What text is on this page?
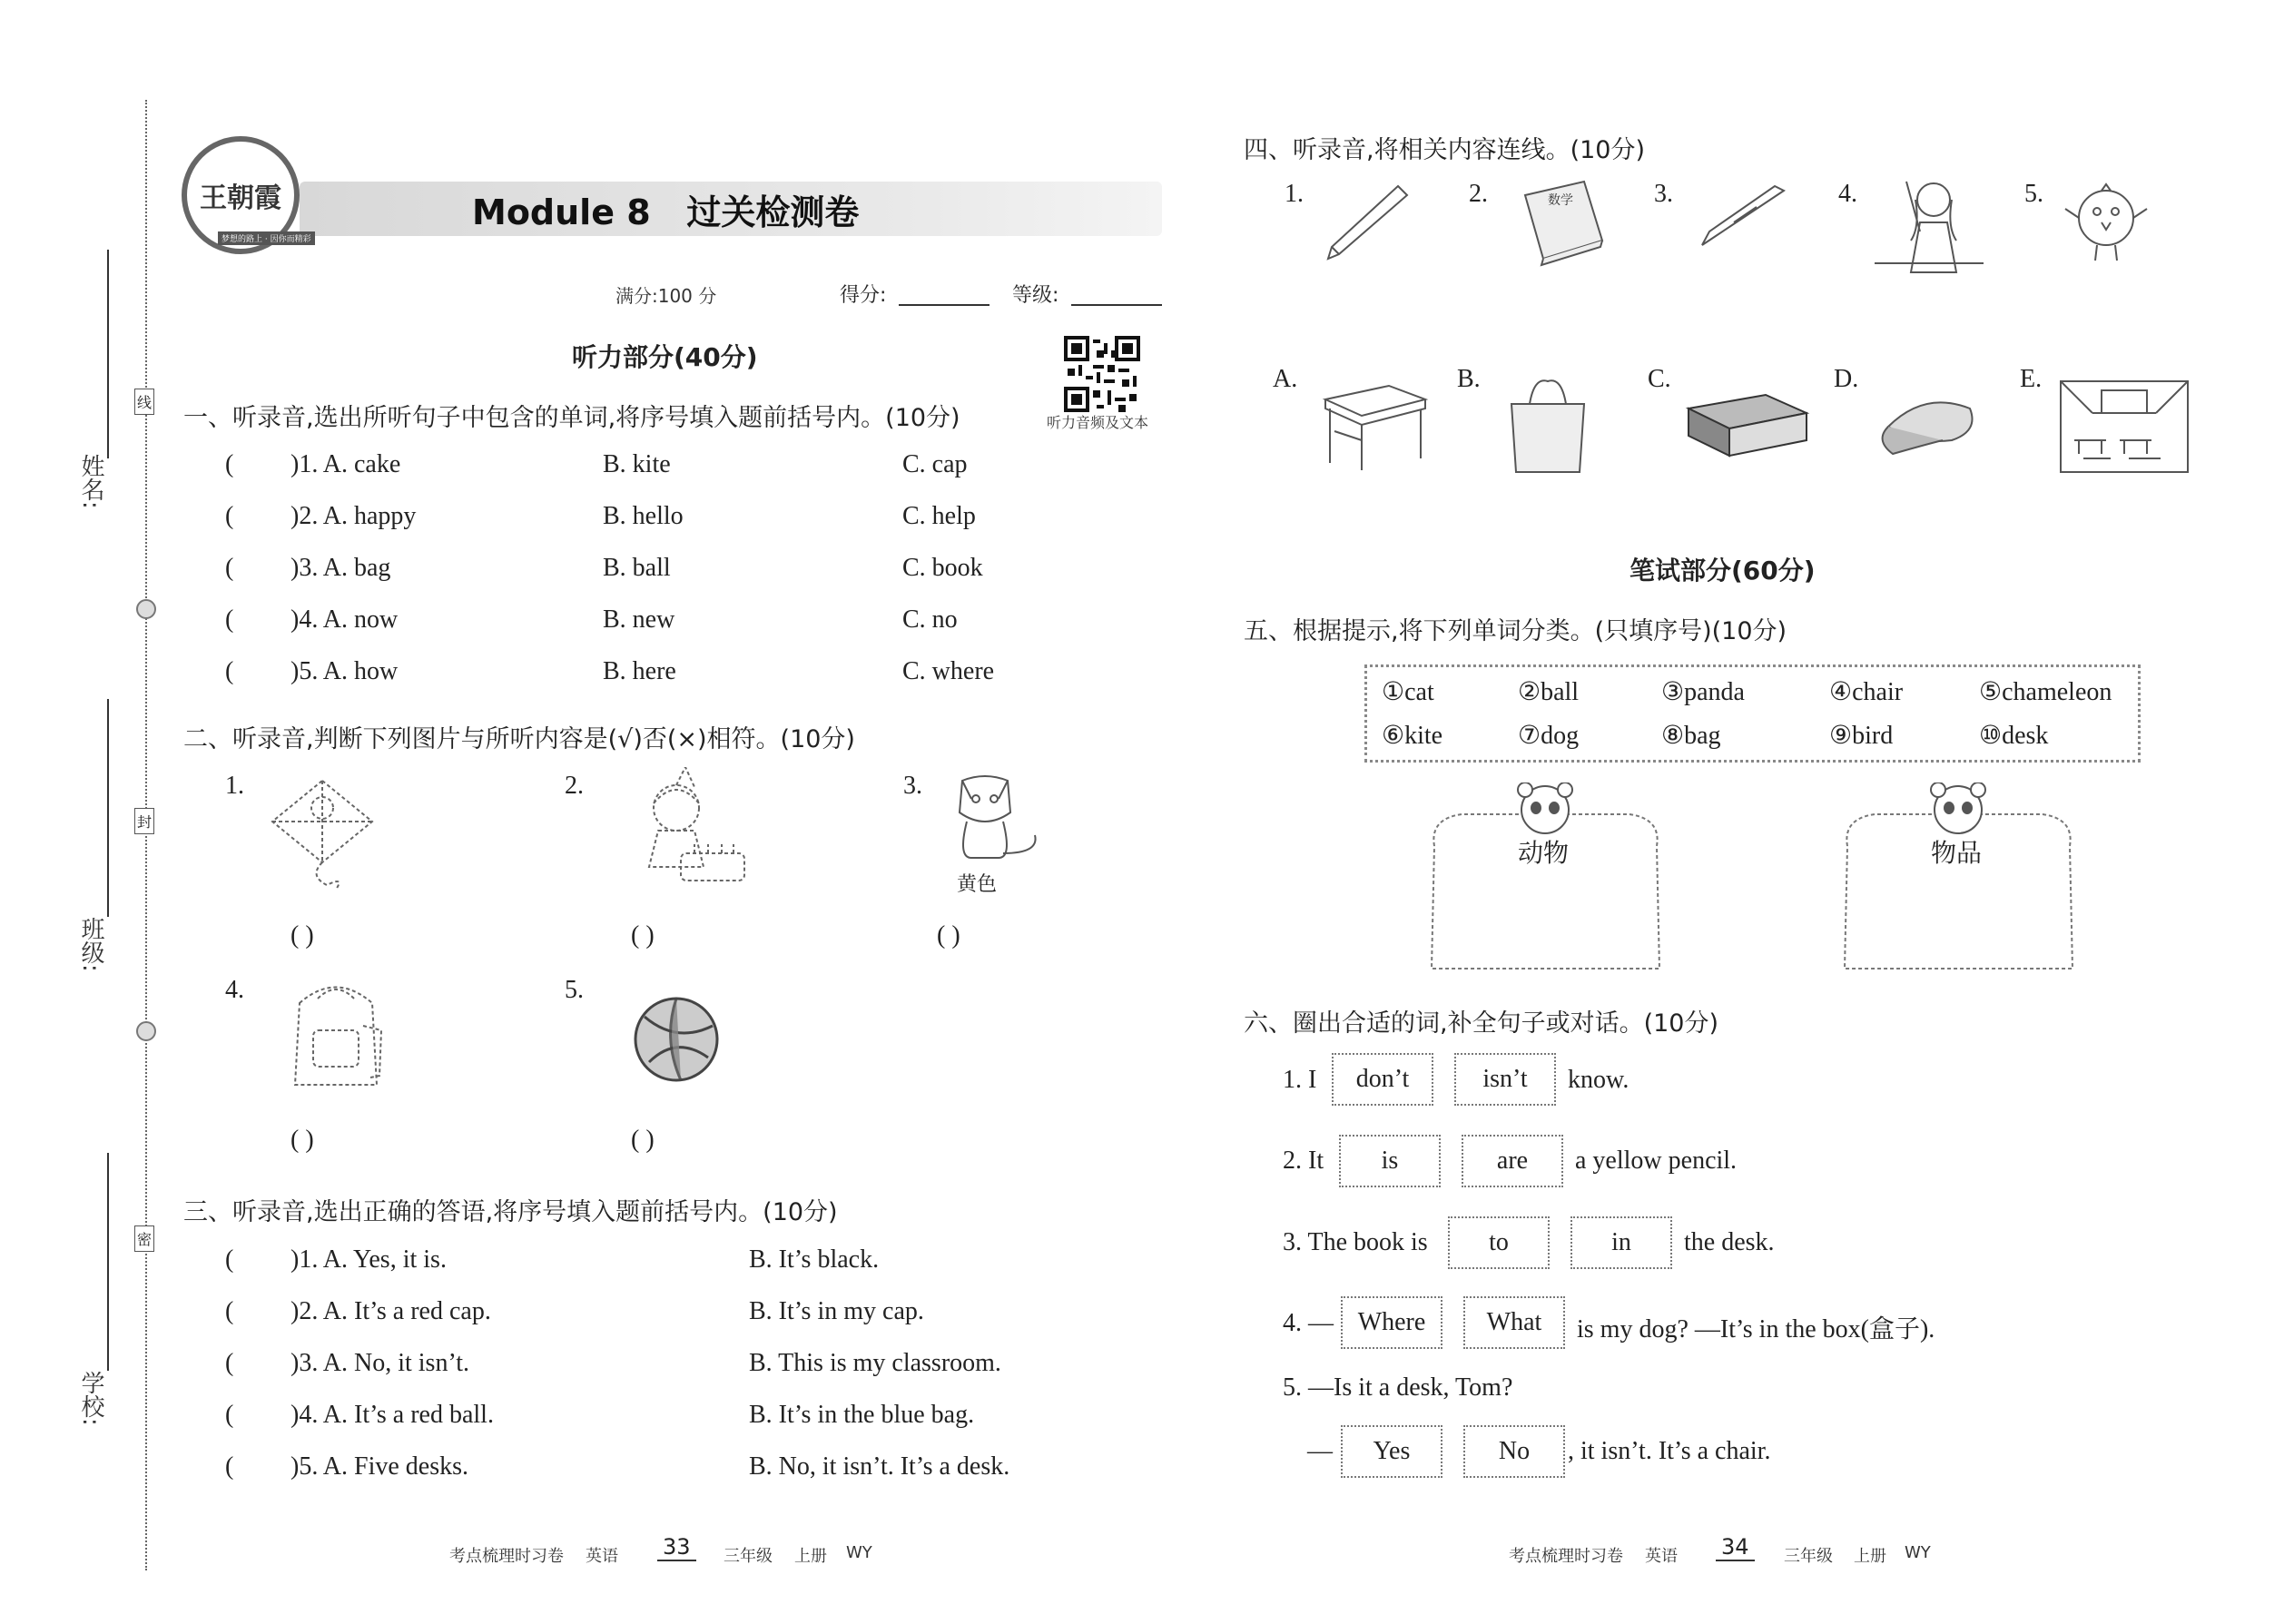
姓名:
班级:
学校:
线
封
密
王朝霞
梦想的路上 · 因你而精彩
Module 8   过关检测卷
满分:100 分	得分:	等级:
听力音频及文本
听力部分(40分)
一、听录音,选出所听句子中包含的单词,将序号填入题前括号内。(10分)
( )1. A. cake	B. kite	C. cap
( )2. A. happy	B. hello	C. help
( )3. A. bag	B. ball	C. book
( )4. A. now	B. new	C. no
( )5. A. how	B. here	C. where
二、听录音,判断下列图片与所听内容是(√)否(×)相符。(10分)
1.
( )
2.
( )
3.
黄色
( )
4.
( )
5.
( )
三、听录音,选出正确的答语,将序号填入题前括号内。(10分)
( )1. A. Yes, it is.	B. It’s black.
( )2. A. It’s a red cap.	B. It’s in my cap.
( )3. A. No, it isn’t.	B. This is my classroom.
( )4. A. It’s a red ball.	B. It’s in the blue bag.
( )5. A. Five desks.	B. No, it isn’t. It’s a desk.
考点梳理时习卷 英语 33	三年级 上册 WY
四、听录音,将相关内容连线。(10分)
1.	2.	数学	3.	4.	5.
A.	B.	C.	D.	E.
笔试部分(60分)
五、根据提示,将下列单词分类。(只填序号)(10分)
①cat	②ball	③panda	④chair	⑤chameleon
⑥kite	⑦dog	⑧bag	⑨bird	⑩desk
动物	物品
六、圈出合适的词,补全句子或对话。(10分)
1. I	don’t	isn’t	know.
2. It	is	are	a yellow pencil.
3. The book is	to	in	the desk.
4. — Where	What	is my dog? —It’s in the box(盒子).
5. —Is it a desk, Tom?
—	Yes	No	, it isn’t. It’s a chair.
考点梳理时习卷 英语 34	三年级 上册 WY
